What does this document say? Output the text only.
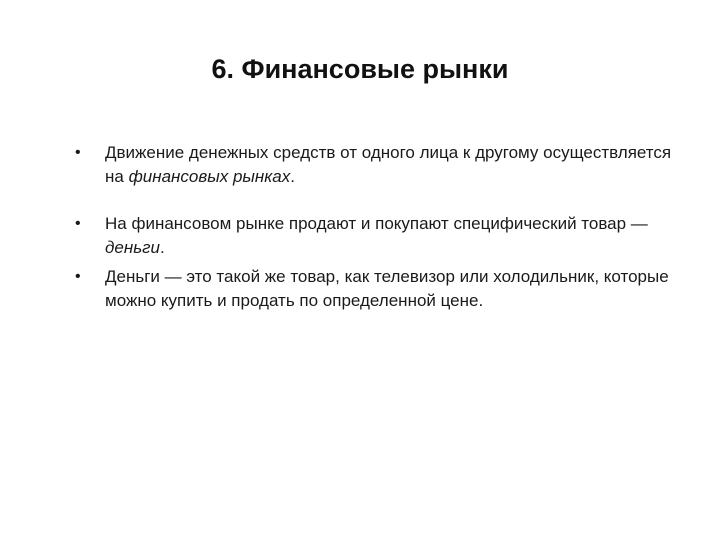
6. Финансовые рынки
• Движение денежных средств от одного лица к другому осуществляется на финансовых рынках.
• На финансовом рынке продают и покупают специфический товар — деньги.
• Деньги — это такой же товар, как телевизор или холодильник, которые можно купить и продать по определенной цене.
